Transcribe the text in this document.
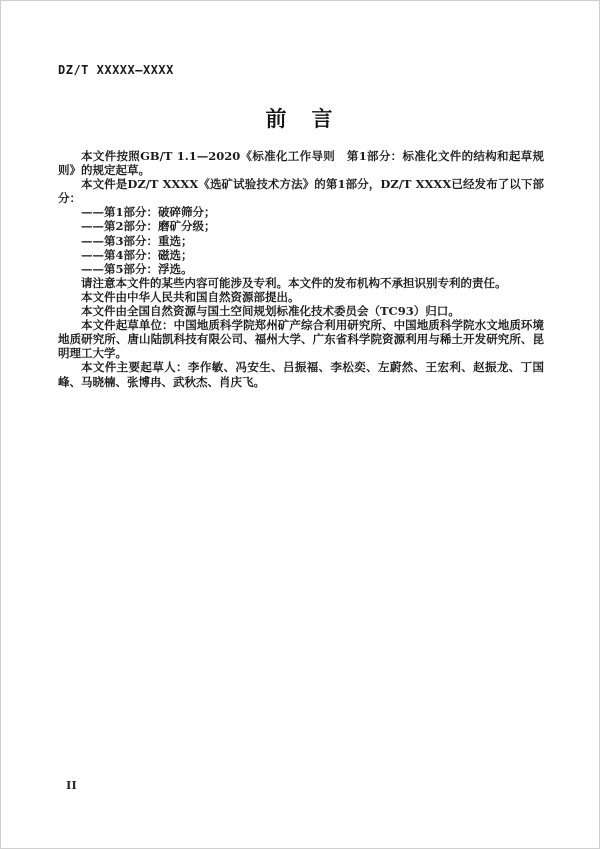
DZ/T XXXXX—XXXX
前　言

本文件按照GB/T 1.1—2020《标准化工作导则　第1部分：标准化文件的结构和起草规则》的规定起草。

本文件是DZ/T XXXX《选矿试验技术方法》的第1部分，DZ/T XXXX已经发布了以下部分：

——第1部分：破碎筛分；

——第2部分：磨矿分级；

——第3部分：重选；

——第4部分：磁选；

——第5部分：浮选。

请注意本文件的某些内容可能涉及专利。本文件的发布机构不承担识别专利的责任。

本文件由中华人民共和国自然资源部提出。

本文件由全国自然资源与国土空间规划标准化技术委员会（TC93）归口。

本文件起草单位：中国地质科学院郑州矿产综合利用研究所、中国地质科学院水文地质环境地质研究所、唐山陆凯科技有限公司、福州大学、广东省科学院资源利用与稀土开发研究所、昆明理工大学。

本文件主要起草人：李作敏、冯安生、吕振福、李松奕、左蔚然、王宏利、赵振龙、丁国峰、马晓楠、张博冉、武秋杰、肖庆飞。

II
